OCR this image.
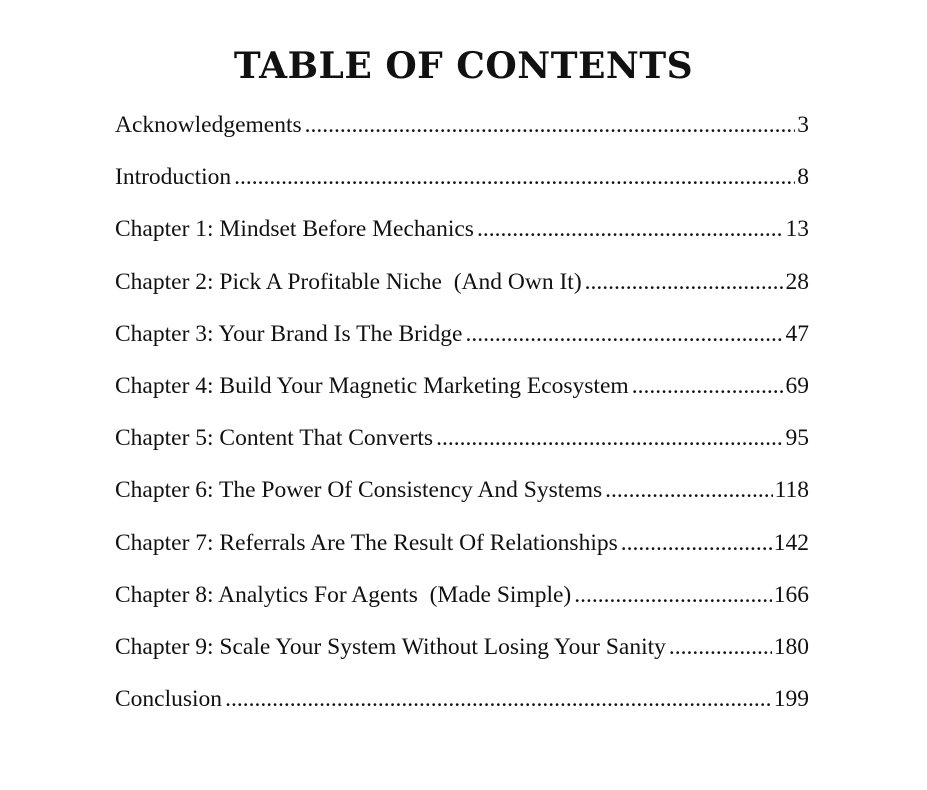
TABLE OF CONTENTS
Acknowledgements .....	3
Introduction .....	8
Chapter 1: Mindset Before Mechanics .....	13
Chapter 2: Pick A Profitable Niche  (And Own It) .....	28
Chapter 3: Your Brand Is The Bridge .....	47
Chapter 4: Build Your Magnetic Marketing Ecosystem .....	69
Chapter 5: Content That Converts .....	95
Chapter 6: The Power Of Consistency And Systems .....	118
Chapter 7: Referrals Are The Result Of Relationships .....	142
Chapter 8: Analytics For Agents  (Made Simple) .....	166
Chapter 9: Scale Your System Without Losing Your Sanity .....	180
Conclusion .....	199
